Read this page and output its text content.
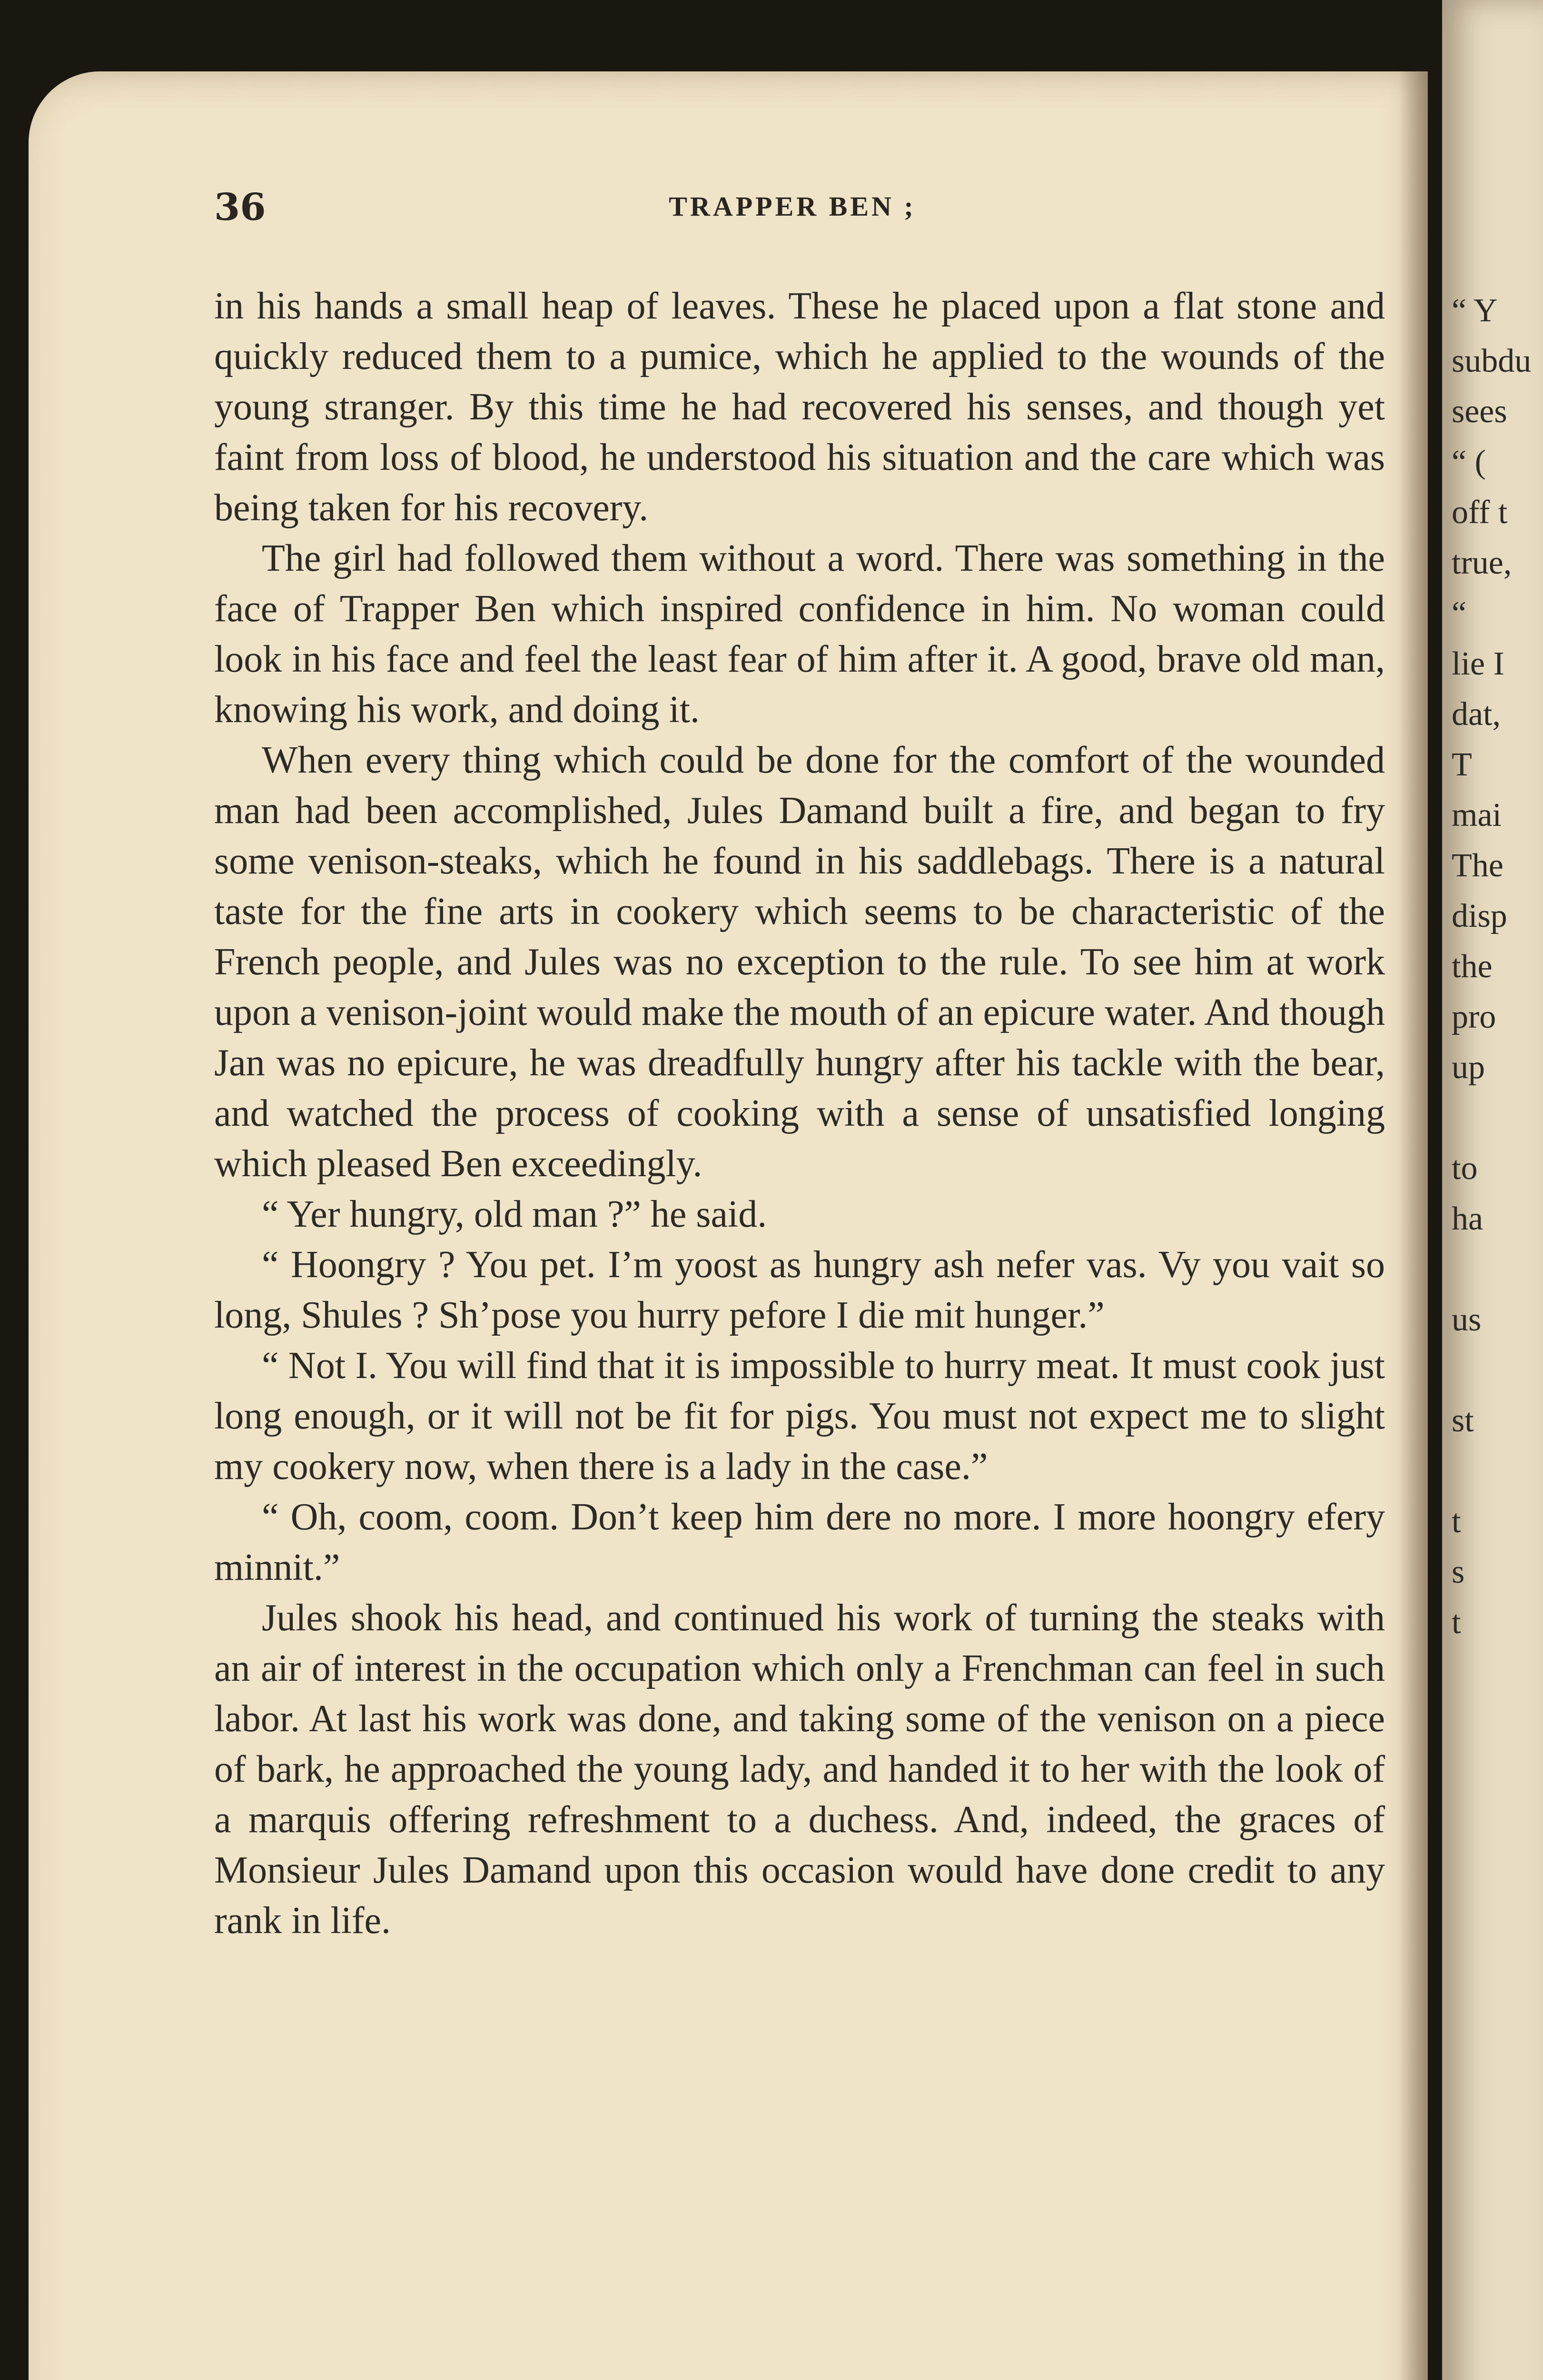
36	TRAPPER BEN ;

in his hands a small heap of leaves. These he placed upon a flat stone and quickly reduced them to a pumice, which he applied to the wounds of the young stranger. By this time he had recovered his senses, and though yet faint from loss of blood, he understood his situation and the care which was being taken for his recovery.

The girl had followed them without a word. There was something in the face of Trapper Ben which inspired confidence in him. No woman could look in his face and feel the least fear of him after it. A good, brave old man, knowing his work, and doing it.

When every thing which could be done for the comfort of the wounded man had been accomplished, Jules Damand built a fire, and began to fry some venison-steaks, which he found in his saddlebags. There is a natural taste for the fine arts in cookery which seems to be characteristic of the French people, and Jules was no exception to the rule. To see him at work upon a venison-joint would make the mouth of an epicure water. And though Jan was no epicure, he was dreadfully hungry after his tackle with the bear, and watched the process of cooking with a sense of unsatisfied longing which pleased Ben exceedingly.

“ Yer hungry, old man ?” he said.

“ Hoongry ? You pet. I’m yoost as hungry ash nefer vas. Vy you vait so long, Shules ? Sh’pose you hurry pefore I die mit hunger.”

“ Not I. You will find that it is impossible to hurry meat. It must cook just long enough, or it will not be fit for pigs. You must not expect me to slight my cookery now, when there is a lady in the case.”

“ Oh, coom, coom. Don’t keep him dere no more. I more hoongry efery minnit.”

Jules shook his head, and continued his work of turning the steaks with an air of interest in the occupation which only a Frenchman can feel in such labor. At last his work was done, and taking some of the venison on a piece of bark, he approached the young lady, and handed it to her with the look of a marquis offering refreshment to a duchess. And, indeed, the graces of Monsieur Jules Damand upon this occasion would have done credit to any rank in life.

“ Y
subdu
sees
“ (
off t
true,
“
lie I
dat,
T
mai
The
disp
the
pro
up

to
ha

us

st

t
s
t
